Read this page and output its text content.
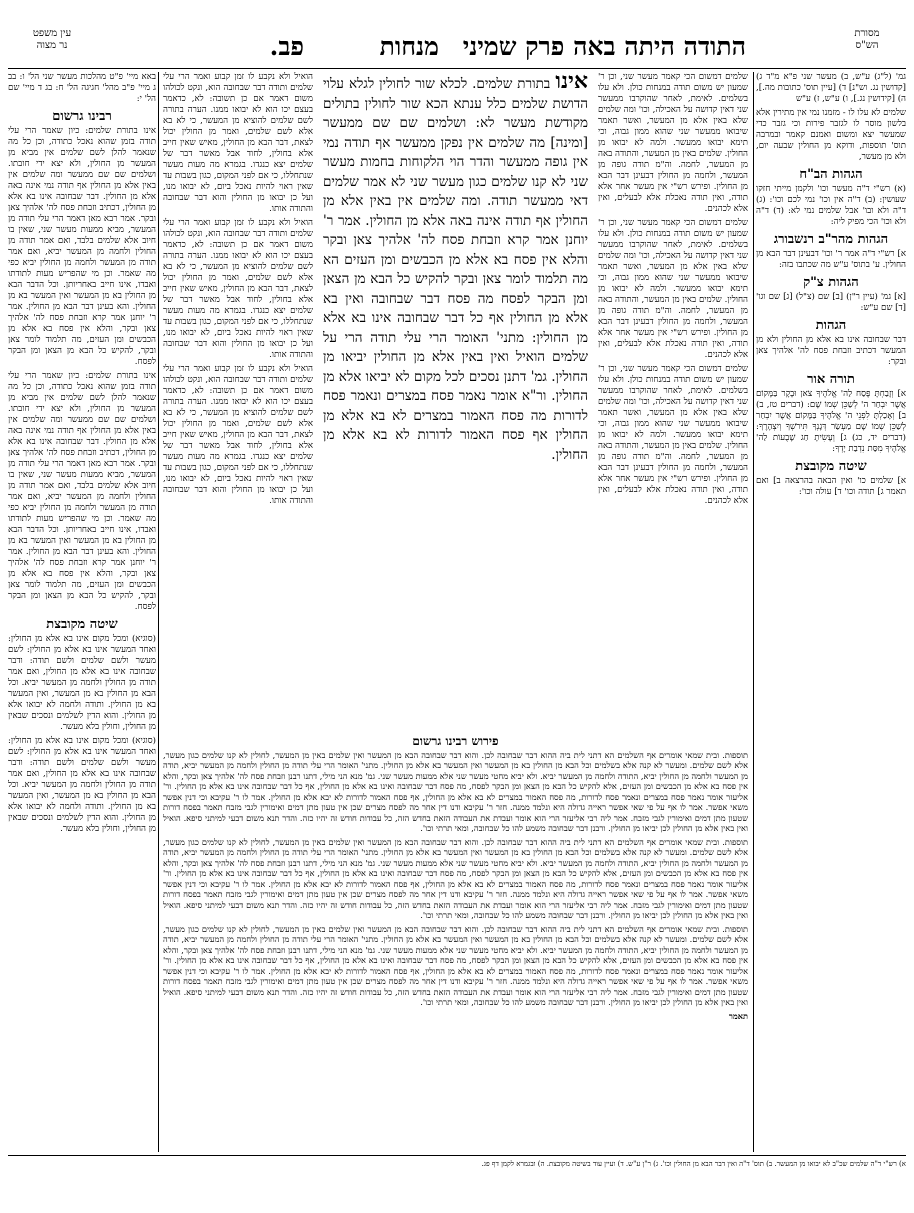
מסורת
הש"ס
התודה היתה באה פרק שמיני
מנחות
פב.
עין משפט
נר מצוה

גמ' (ל"ג) ע"ש, ב) מעשר שני פ"א מ"ד ג) [קדושין נג. וש"נ] ד) [עיין תוס' כתובות מה.], ה) [קידושין נג.], ו) ע"ש, ז) ע"ש

שלמים לא עלו לו - מזמנו נמי אין מתירין אלא בלשון מוסר לו לגזבר פירות וכי גזבר כדי שמעשר יצא ומשום ואמנם קאמר ובמרבה תוס' תוספות, ודוקא מן החולין שבעה יום, ולא מן מעשר,

הגהות הב"ח

(א) רש"י ד"ה מעשר וכו' ולקמן מייתי חזקו שעושין: (ב) ד"ה אין וכו' נמי לכם וכו': (ג) ד"ה ולא ובו' אבל שלמים נמי לא: (ד) ד"ה ולא וכו' הכי מפיק ליה:

הגהות מהר"ב רנשבורג

א] רש"י ד"ה אמר ר' וכו' דבעינן דבר הבא מן החולין. ע' בתוס' ע"ש מה שכתבו בזה:

הגהות צ"ק

[א] גמ' (עיין ר"ן) [ב] שם (צ"ל) [ג] שם וגו' [ד] שם ע"ש:

הגהות

דבר שבחובה אינו בא אלא מן החולין ולא מן המעשר דכתיב וזבחת פסח לה' אלהיך צאן ובקר:

תורה אור

א] וְזָבַחְתָּ פֶּסַח לַה' אֱלֹהֶיךָ צֹאן וּבָקָר בַּמָּקוֹם אֲשֶׁר יִבְחַר ה' לְשַׁכֵּן שְׁמוֹ שָׁם: (דברים טז, ב) ב] וְאָכַלְתָּ לִפְנֵי ה' אֱלֹהֶיךָ בַּמָּקוֹם אֲשֶׁר יִבְחַר לְשַׁכֵּן שְׁמוֹ שָׁם מַעְשַׂר דְּגָנְךָ תִּירֹשְׁךָ וְיִצְהָרֶךָ: (דברים יד, כג) ג] וְעָשִׂיתָ חַג שָׁבֻעוֹת לַה' אֱלֹהֶיךָ מִסַּת נִדְבַת יָדְךָ:

שיטה מקובצת

א] שלמים כו' ואין הבאה בהרצאה ב] ואם תאמר ג] תודה וכו' ד] עולה וכו':

שלמים דמשום הכי קאמר מעשר שני, וכן ר' שמעון יש משום תודה במנחות כולן. ולא עלו בשלמים. לאימת, לאחר שהוקרבו ממעשר שני דאין קדושה על האכילה, וכו' ומה שלמים שלא באין אלא מן המעשר, ואשר תאמר שיבואו ממעשר שני שהוא ממון גבוה, וכי תימא יבואו ממעשר. ולמה לא יבואו מן החולין. שלמים באין מן המעשר, והתודה באה מן המעשר, לחמה. וה"מ תודה גופה מן המעשר, ולחמה מן החולין דבעינן דבר הבא מן החולין. ופירש רש"י אין מעשר אחר אלא תודה, ואין תודה נאכלת אלא לבעלים, ואין אלא לכהנים.

שלמים דמשום הכי קאמר מעשר שני, וכן ר' שמעון יש משום תודה במנחות כולן. ולא עלו בשלמים. לאימת, לאחר שהוקרבו ממעשר שני דאין קדושה על האכילה, וכו' ומה שלמים שלא באין אלא מן המעשר, ואשר תאמר שיבואו ממעשר שני שהוא ממון גבוה, וכי תימא יבואו ממעשר. ולמה לא יבואו מן החולין. שלמים באין מן המעשר, והתודה באה מן המעשר, לחמה. וה"מ תודה גופה מן המעשר, ולחמה מן החולין דבעינן דבר הבא מן החולין. ופירש רש"י אין מעשר אחר אלא תודה, ואין תודה נאכלת אלא לבעלים, ואין אלא לכהנים.

שלמים דמשום הכי קאמר מעשר שני, וכן ר' שמעון יש משום תודה במנחות כולן. ולא עלו בשלמים. לאימת, לאחר שהוקרבו ממעשר שני דאין קדושה על האכילה, וכו' ומה שלמים שלא באין אלא מן המעשר, ואשר תאמר שיבואו ממעשר שני שהוא ממון גבוה, וכי תימא יבואו ממעשר. ולמה לא יבואו מן החולין. שלמים באין מן המעשר, והתודה באה מן המעשר, לחמה. וה"מ תודה גופה מן המעשר, ולחמה מן החולין דבעינן דבר הבא מן החולין. ופירש רש"י אין מעשר אחר אלא תודה, ואין תודה נאכלת אלא לבעלים, ואין אלא לכהנים.

אינו בתורת שלמים. לכלא שור לחולין לגלא עלוי הדושת שלמים כלל ענתא הכא שור לחולין בתולים מקודשת מעשר לא: ושלמים שם שם ממעשר [ומינה] מה שלמים אין נפקן ממעשר אף תודה נמי אין גופה ממעשר והדר הוי הלקוחות בחמות מעשר שני לא קנו שלמים כגון מעשר שני לא אמר שלמים דאי ממעשר תודה. ומה שלמים אין באין אלא מן החולין אף תודה אינה באה אלא מן החולין. אמר ר' יוחנן אמר קרא וזבחת פסח לה' אלהיך צאן ובקר והלא אין פסח בא אלא מן הכבשים ומן העזים הא מה תלמוד לומר צאן ובקר להקיש כל הבא מן הצאן ומן הבקר לפסח מה פסח דבר שבחובה ואין בא אלא מן החולין אף כל דבר שבחובה אינו בא אלא מן החולין: מתני' האומר הרי עלי תודה הרי על שלמים הואיל ואין באין אלא מן החולין יביאו מן החולין. גמ' דתנן נסכים לכל מקום לא יביאו אלא מן החולין. ור"א אומר נאמר פסח במצרים ונאמר פסח לדורות מה פסח האמור במצרים לא בא אלא מן החולין אף פסח האמור לדורות לא בא אלא מן החולין.

הואיל ולא נקבע לו זמן קבוע ואמר הרי עלי שלמים ותודה דבר שבחובה הוא, ונקט לכולהו משום דאמר אם כן תשובה: לא, כדאמר בעצם יכו הוא לא יבואו ממנו. הערה בתורה לשם שלמים להוציא מן המעשר, כי לא בא אלא לשם שלמים, ואמר מן החולין יכול לצאת, דבר הבא מן החולין, מאיש שאין חייב אלא בחולין, לחוד אבל מאשר דבר של שלמים יצא כנגדו. בגמרא מה מעות מעשר שנתחללו, כי אם לפני המקום, כגון בשבות עד שאין ראוי להיות נאכל ביום, לא יבואו מנו, ועל כן יבואו מן החולין והוא דבר שבחובה והתודה אותו.

הואיל ולא נקבע לו זמן קבוע ואמר הרי עלי שלמים ותודה דבר שבחובה הוא, ונקט לכולהו משום דאמר אם כן תשובה: לא, כדאמר בעצם יכו הוא לא יבואו ממנו. הערה בתורה לשם שלמים להוציא מן המעשר, כי לא בא אלא לשם שלמים, ואמר מן החולין יכול לצאת, דבר הבא מן החולין, מאיש שאין חייב אלא בחולין, לחוד אבל מאשר דבר של שלמים יצא כנגדו. בגמרא מה מעות מעשר שנתחללו, כי אם לפני המקום, כגון בשבות עד שאין ראוי להיות נאכל ביום, לא יבואו מנו, ועל כן יבואו מן החולין והוא דבר שבחובה והתודה אותו.

הואיל ולא נקבע לו זמן קבוע ואמר הרי עלי שלמים ותודה דבר שבחובה הוא, ונקט לכולהו משום דאמר אם כן תשובה: לא, כדאמר בעצם יכו הוא לא יבואו ממנו. הערה בתורה לשם שלמים להוציא מן המעשר, כי לא בא אלא לשם שלמים, ואמר מן החולין יכול לצאת, דבר הבא מן החולין, מאיש שאין חייב אלא בחולין, לחוד אבל מאשר דבר של שלמים יצא כנגדו. בגמרא מה מעות מעשר שנתחללו, כי אם לפני המקום, כגון בשבות עד שאין ראוי להיות נאכל ביום, לא יבואו מנו, ועל כן יבואו מן החולין והוא דבר שבחובה והתודה אותו.

פירוש רבינו גרשום

תוספות. ובית שמאי אומרים אף השלמים הא דתני לית ביה ההוא דבר שבחובה לכן. והוא דבר שבחובה הבא מן המעשר ואין שלמים באין מן המעשר, לחולין לא קנו שלמים כגון מעשר, אלא לשם שלמים. ומעשר לא קנה אלא בשלמים וכל הבא מן החולין בא מן המעשר ואין המעשר בא אלא מן החולין. מתני' האומר הרי עלי תודה מן החולין ולחמה מן המעשר יביא, תודה מן המעשר ולחמה מן החולין יביא, התודה ולחמה מן המעשר יביא. ולא יביא מחטי מעשר שני אלא ממעות מעשר שני. גמ' מנא הני מילי, דתנו רבנן וזבחת פסח לה' אלהיך צאן ובקר, והלא אין פסח בא אלא מן הכבשים ומן העזים, אלא להקיש כל הבא מן הצאן ומן הבקר לפסח, מה פסח דבר שבחובה ואינו בא אלא מן החולין, אף כל דבר שבחובה אינו בא אלא מן החולין. ור' אליעזר אומר נאמר פסח במצרים ונאמר פסח לדורות, מה פסח האמור במצרים לא בא אלא מן החולין, אף פסח האמור לדורות לא יבא אלא מן החולין. אמר לו ר' עקיבא וכי דנין אפשר משאי אפשר. אמר לו אף על פי שאי אפשר ראייה גדולה היא ונלמד ממנה. חזר ר' עקיבא ודנו דין אחר מה לפסח מצרים שכן אין טעון מתן דמים ואימורין לגבי מזבח תאמר בפסח דורות שטעון מתן דמים ואימורין לגבי מזבח. אמר ליה רבי אליעזר הרי הוא אומר ועבדת את העבודה הזאת בחדש הזה, כל עבודות חודש זה יהיו כזה. והדר תנא משום דבעי למיתני סיפא. הואיל ואין באין אלא מן החולין לכן יביאו מן החולין. ורבנן דבר שבחובה משמע להו כל שבחובה, ומאי תרתי וכו'.

תוספות. ובית שמאי אומרים אף השלמים הא דתני לית ביה ההוא דבר שבחובה לכן. והוא דבר שבחובה הבא מן המעשר ואין שלמים באין מן המעשר, לחולין לא קנו שלמים כגון מעשר, אלא לשם שלמים. ומעשר לא קנה אלא בשלמים וכל הבא מן החולין בא מן המעשר ואין המעשר בא אלא מן החולין. מתני' האומר הרי עלי תודה מן החולין ולחמה מן המעשר יביא, תודה מן המעשר ולחמה מן החולין יביא, התודה ולחמה מן המעשר יביא. ולא יביא מחטי מעשר שני אלא ממעות מעשר שני. גמ' מנא הני מילי, דתנו רבנן וזבחת פסח לה' אלהיך צאן ובקר, והלא אין פסח בא אלא מן הכבשים ומן העזים, אלא להקיש כל הבא מן הצאן ומן הבקר לפסח, מה פסח דבר שבחובה ואינו בא אלא מן החולין, אף כל דבר שבחובה אינו בא אלא מן החולין. ור' אליעזר אומר נאמר פסח במצרים ונאמר פסח לדורות, מה פסח האמור במצרים לא בא אלא מן החולין, אף פסח האמור לדורות לא יבא אלא מן החולין. אמר לו ר' עקיבא וכי דנין אפשר משאי אפשר. אמר לו אף על פי שאי אפשר ראייה גדולה היא ונלמד ממנה. חזר ר' עקיבא ודנו דין אחר מה לפסח מצרים שכן אין טעון מתן דמים ואימורין לגבי מזבח תאמר בפסח דורות שטעון מתן דמים ואימורין לגבי מזבח. אמר ליה רבי אליעזר הרי הוא אומר ועבדת את העבודה הזאת בחדש הזה, כל עבודות חודש זה יהיו כזה. והדר תנא משום דבעי למיתני סיפא. הואיל ואין באין אלא מן החולין לכן יביאו מן החולין. ורבנן דבר שבחובה משמע להו כל שבחובה, ומאי תרתי וכו'.

תוספות. ובית שמאי אומרים אף השלמים הא דתני לית ביה ההוא דבר שבחובה לכן. והוא דבר שבחובה הבא מן המעשר ואין שלמים באין מן המעשר, לחולין לא קנו שלמים כגון מעשר, אלא לשם שלמים. ומעשר לא קנה אלא בשלמים וכל הבא מן החולין בא מן המעשר ואין המעשר בא אלא מן החולין. מתני' האומר הרי עלי תודה מן החולין ולחמה מן המעשר יביא, תודה מן המעשר ולחמה מן החולין יביא, התודה ולחמה מן המעשר יביא. ולא יביא מחטי מעשר שני אלא ממעות מעשר שני. גמ' מנא הני מילי, דתנו רבנן וזבחת פסח לה' אלהיך צאן ובקר, והלא אין פסח בא אלא מן הכבשים ומן העזים, אלא להקיש כל הבא מן הצאן ומן הבקר לפסח, מה פסח דבר שבחובה ואינו בא אלא מן החולין, אף כל דבר שבחובה אינו בא אלא מן החולין. ור' אליעזר אומר נאמר פסח במצרים ונאמר פסח לדורות, מה פסח האמור במצרים לא בא אלא מן החולין, אף פסח האמור לדורות לא יבא אלא מן החולין. אמר לו ר' עקיבא וכי דנין אפשר משאי אפשר. אמר לו אף על פי שאי אפשר ראייה גדולה היא ונלמד ממנה. חזר ר' עקיבא ודנו דין אחר מה לפסח מצרים שכן אין טעון מתן דמים ואימורין לגבי מזבח תאמר בפסח דורות שטעון מתן דמים ואימורין לגבי מזבח. אמר ליה רבי אליעזר הרי הוא אומר ועבדת את העבודה הזאת בחדש הזה, כל עבודות חודש זה יהיו כזה. והדר תנא משום דבעי למיתני סיפא. הואיל ואין באין אלא מן החולין לכן יביאו מן החולין. ורבנן דבר שבחובה משמע להו כל שבחובה, ומאי תרתי וכו'.

תאמר

באא מיי' פ"ט מהלכות מעשר שני הל' ו: בב ג מיי' פ"ב מהל' חגיגה הל' ח: בג ד מיי' שם הל' י:

רבינו גרשום

אינו בתורת שלמים: כיון שאמר הרי עלי תודה בזמן שהוא נאכל כתודה, וכן כל מה שנאמר להלן לשם שלמים אין מביא מן המעשר מן החולין, ולא יצא ידי חובתו. ושלמים שם שם ממעשר ומה שלמים אין באין אלא מן החולין אף תודה נמי אינה באה אלא מן החולין. דבר שבחובה אינו בא אלא מן החולין, דכתיב וזבחת פסח לה' אלהיך צאן ובקר. אמר רבא מאן דאמר הרי עלי תודה מן המעשר, מביא ממעות מעשר שני, שאין בו חיוב אלא שלמים בלבד, ואם אמר תודה מן החולין ולחמה מן המעשר יביא, ואם אמר תודה מן המעשר ולחמה מן החולין יביא כפי מה שאמר. וכן מי שהפריש מעות לתודתו ואבדו, אינו חייב באחריותן. וכל הדבר הבא מן החולין בא מן המעשר ואין המעשר בא מן החולין. והא בעינן דבר הבא מן החולין. אמר ר' יוחנן אמר קרא וזבחת פסח לה' אלהיך צאן ובקר, והלא אין פסח בא אלא מן הכבשים ומן העזים, מה תלמוד לומר צאן ובקר, להקיש כל הבא מן הצאן ומן הבקר לפסח.

אינו בתורת שלמים: כיון שאמר הרי עלי תודה בזמן שהוא נאכל כתודה, וכן כל מה שנאמר להלן לשם שלמים אין מביא מן המעשר מן החולין, ולא יצא ידי חובתו. ושלמים שם שם ממעשר ומה שלמים אין באין אלא מן החולין אף תודה נמי אינה באה אלא מן החולין. דבר שבחובה אינו בא אלא מן החולין, דכתיב וזבחת פסח לה' אלהיך צאן ובקר. אמר רבא מאן דאמר הרי עלי תודה מן המעשר, מביא ממעות מעשר שני, שאין בו חיוב אלא שלמים בלבד, ואם אמר תודה מן החולין ולחמה מן המעשר יביא, ואם אמר תודה מן המעשר ולחמה מן החולין יביא כפי מה שאמר. וכן מי שהפריש מעות לתודתו ואבדו, אינו חייב באחריותן. וכל הדבר הבא מן החולין בא מן המעשר ואין המעשר בא מן החולין. והא בעינן דבר הבא מן החולין. אמר ר' יוחנן אמר קרא וזבחת פסח לה' אלהיך צאן ובקר, והלא אין פסח בא אלא מן הכבשים ומן העזים, מה תלמוד לומר צאן ובקר, להקיש כל הבא מן הצאן ומן הבקר לפסח.

שיטה מקובצת

(סוגיא) ומכל מקום אינו בא אלא מן החולין: ואחד המעשר אינו בא אלא מן החולין: לשם מעשר ולשם שלמים ולשם תודה: ודבר שבחובה אינו בא אלא מן החולין, ואם אמר תודה מן החולין ולחמה מן המעשר יביא. וכל הבא מן החולין בא מן המעשר, ואין המעשר בא מן החולין. ותודה ולחמה לא יבואו אלא מן החולין. והוא הדין לשלמים ונסכים שבאין מן החולין, וחולין בלא מעשר.

(סוגיא) ומכל מקום אינו בא אלא מן החולין: ואחד המעשר אינו בא אלא מן החולין: לשם מעשר ולשם שלמים ולשם תודה: ודבר שבחובה אינו בא אלא מן החולין, ואם אמר תודה מן החולין ולחמה מן המעשר יביא. וכל הבא מן החולין בא מן המעשר, ואין המעשר בא מן החולין. ותודה ולחמה לא יבואו אלא מן החולין. והוא הדין לשלמים ונסכים שבאין מן החולין, וחולין בלא מעשר.

א) רש"י ד"ה שלמים שכ"ב לא יבואו מן המעשר. ב) תוס' ד"ה ואין דבר הבא מן החולין וכו'. ג) ר"ן ע"ש. ד) ועיין עוד בשיטה מקובצת. ה) ובגמרא לקמן דף פג.
